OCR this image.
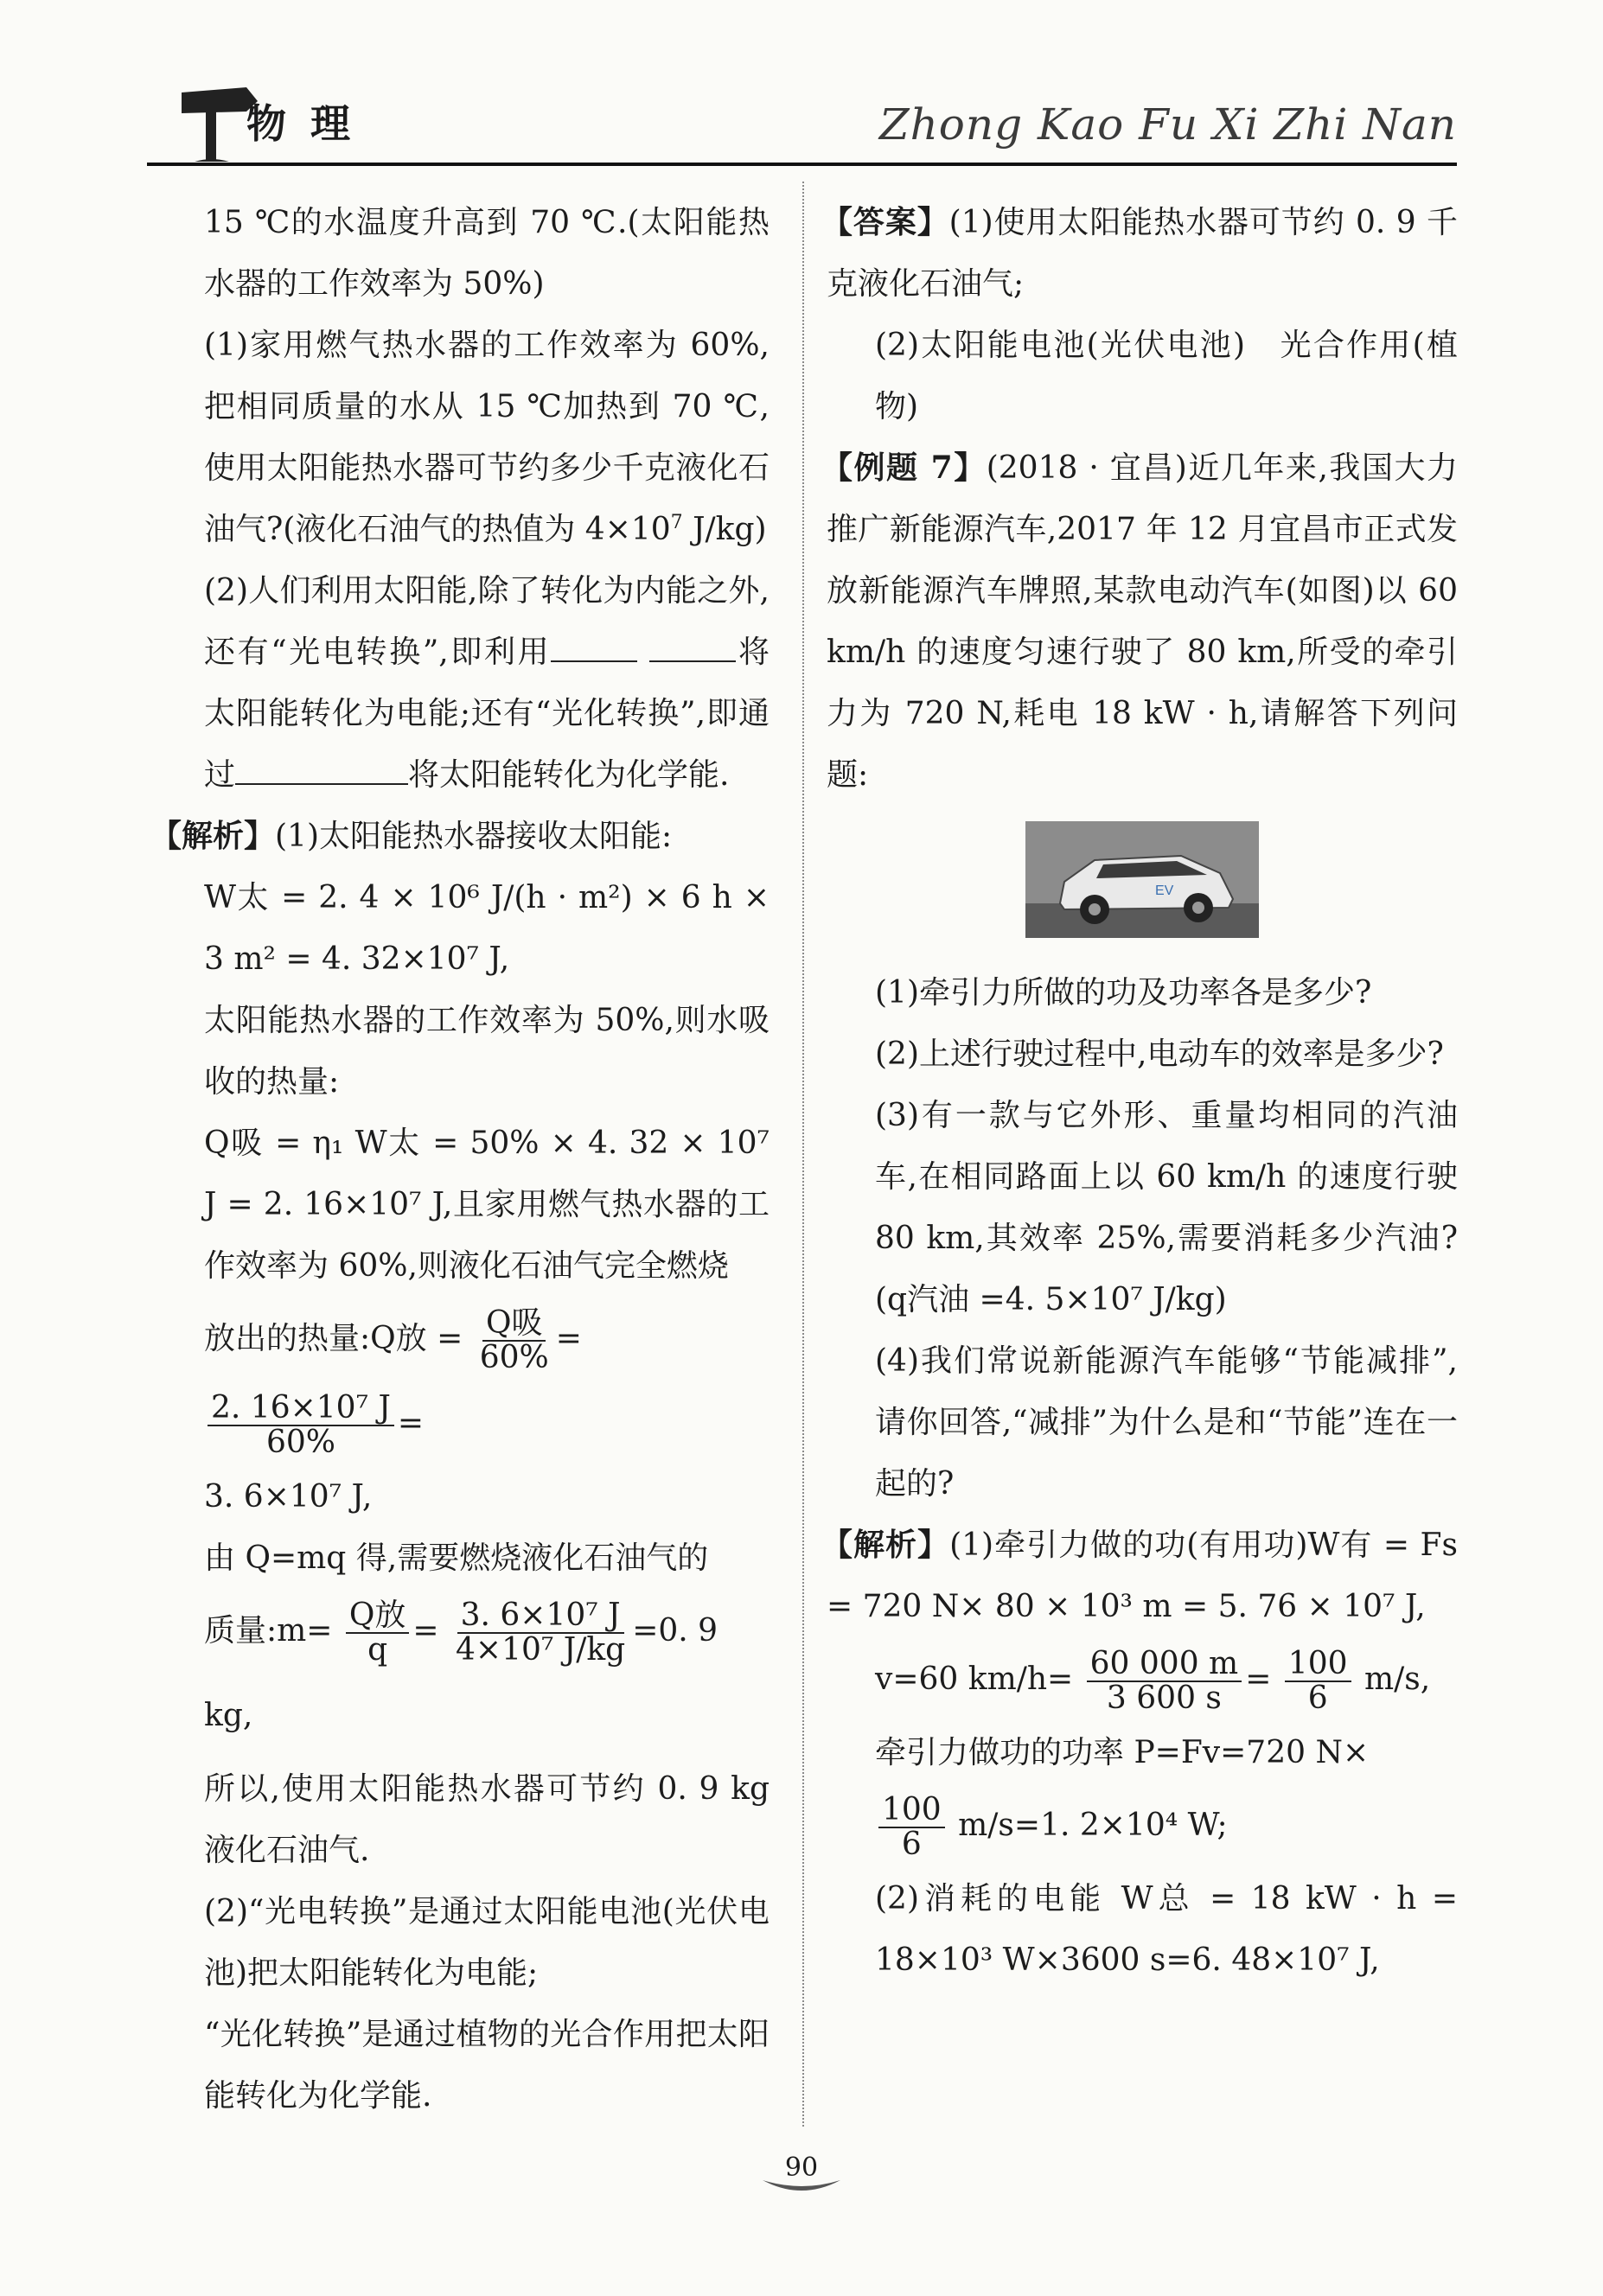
物理	Zhong Kao Fu Xi Zhi Nan
15 ℃的水温度升高到 70 ℃.(太阳能热水器的工作效率为 50%)
(1)家用燃气热水器的工作效率为 60%,把相同质量的水从 15 ℃加热到 70 ℃,使用太阳能热水器可节约多少千克液化石油气?(液化石油气的热值为 $4\times 10^7$ J/kg)
(2)人们利用太阳能,除了转化为内能之外,还有“光电转换”,即利用	将太阳能转化为电能;还有“光化转换”,即通过	将太阳能转化为化学能.
【解析】(1)太阳能热水器接收太阳能:
W太 = 2. 4 × 10⁶ J/(h · m²) × 6 h × 3 m² = 4. 32×10⁷ J,
太阳能热水器的工作效率为 50%,则水吸收的热量:
Q吸 = η₁ W太 = 50% × 4. 32 × 10⁷ J = 2. 16×10⁷ J,且家用燃气热水器的工作效率为 60%,则液化石油气完全燃烧
放出的热量:Q放 = $\frac{\text{Q吸}}{60\%}$ =
$\frac{\text{2. 16×10⁷ J}}{60\%}$ =
3. 6×10⁷ J,
由 Q=mq 得,需要燃烧液化石油气的
质量:m= $\frac{\text{Q放}}{q} = \frac{\text{3. 6×10⁷ J}}{\text{4×10⁷ J/kg}} =0$. 9 kg,
所以,使用太阳能热水器可节约 0. 9 kg 液化石油气.
(2)“光电转换”是通过太阳能电池(光伏电池)把太阳能转化为电能;
“光化转换”是通过植物的光合作用把太阳能转化为化学能.
【答案】(1)使用太阳能热水器可节约 0. 9 千克液化石油气;
(2)太阳能电池(光伏电池)　光合作用(植物)
【例题 7】(2018 · 宜昌)近几年来,我国大力推广新能源汽车,2017 年 12 月宜昌市正式发放新能源汽车牌照,某款电动汽车(如图)以 60 km/h 的速度匀速行驶了 80 km,所受的牵引力为 720 N,耗电 18 kW · h,请解答下列问题:
EV
(1)牵引力所做的功及功率各是多少?
(2)上述行驶过程中,电动车的效率是多少?
(3)有一款与它外形、重量均相同的汽油车,在相同路面上以 60 km/h 的速度行驶 80 km,其效率 25%,需要消耗多少汽油?(q汽油 =4. 5×10⁷ J/kg)
(4)我们常说新能源汽车能够“节能减排”,请你回答,“减排”为什么是和“节能”连在一起的?
【解析】(1)牵引力做的功(有用功)W有 = Fs = 720 N× 80 × 10³ m = 5. 76 × 10⁷ J,
v=60 $km/h= \frac{60 000 m}{3 600 s} = \frac{100}{6} m/s$,
牵引力做功的功率 P=Fv=720 N×
$\frac{100}{6} m/s=1$. 2×10⁴ W;
(2)消耗的电能 W总 = 18 kW · h = 18×10³ W×3600 s=6. 48×10⁷ J,
90
